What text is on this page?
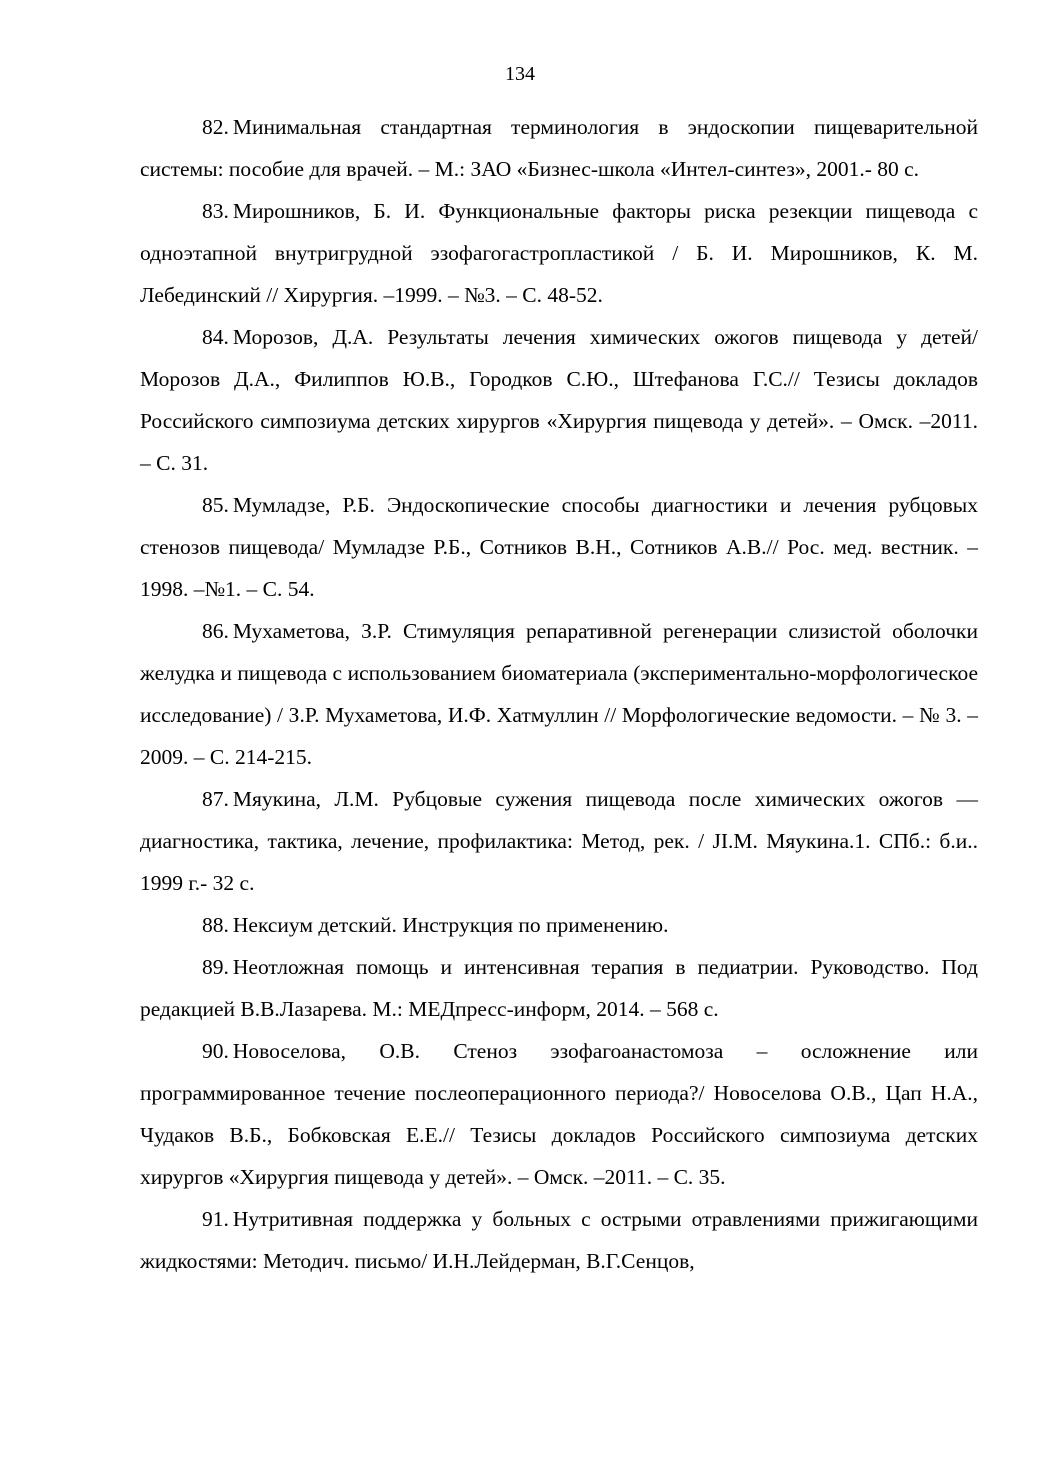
134

82. Минимальная стандартная терминология в эндоскопии пищеварительной системы: пособие для врачей. – М.: ЗАО «Бизнес-школа «Интел-синтез», 2001.- 80 с.

83. Мирошников, Б. И. Функциональные факторы риска резекции пищевода с одноэтапной внутригрудной эзофагогастропластикой / Б. И. Мирошников, К. М. Лебединский // Хирургия. –1999. – №3. – С. 48-52.

84. Морозов, Д.А. Результаты лечения химических ожогов пищевода у детей/ Морозов Д.А., Филиппов Ю.В., Городков С.Ю., Штефанова Г.С.// Тезисы докладов Российского симпозиума детских хирургов «Хирургия пищевода у детей». – Омск. –2011. – С. 31.

85. Мумладзе, Р.Б. Эндоскопические способы диагностики и лечения рубцовых стенозов пищевода/ Мумладзе Р.Б., Сотников В.Н., Сотников А.В.// Рос. мед. вестник. – 1998. –№1. – С. 54.

86. Мухаметова, З.Р. Стимуляция репаративной регенерации слизистой оболочки желудка и пищевода с использованием биоматериала (экспериментально-морфологическое исследование) / З.Р. Мухаметова, И.Ф. Хатмуллин // Морфологические ведомости. – № 3. –2009. – С. 214-215.

87. Мяукина, Л.М. Рубцовые сужения пищевода после химических ожогов — диагностика, тактика, лечение, профилактика: Метод, рек. / JI.M. Мяукина.1. СПб.: б.и.. 1999 г.- 32 с.

88. Нексиум детский. Инструкция по применению.

89. Неотложная помощь и интенсивная терапия в педиатрии. Руководство. Под редакцией В.В.Лазарева. М.: МЕДпресс-информ, 2014. – 568 с.

90. Новоселова, О.В. Стеноз эзофагоанастомоза – осложнение или программированное течение послеоперационного периода?/ Новоселова О.В., Цап Н.А., Чудаков В.Б., Бобковская Е.Е.// Тезисы докладов Российского симпозиума детских хирургов «Хирургия пищевода у детей». – Омск. –2011. – С. 35.

91. Нутритивная поддержка у больных с острыми отравлениями прижигающими жидкостями: Методич. письмо/ И.Н.Лейдерман, В.Г.Сенцов,
